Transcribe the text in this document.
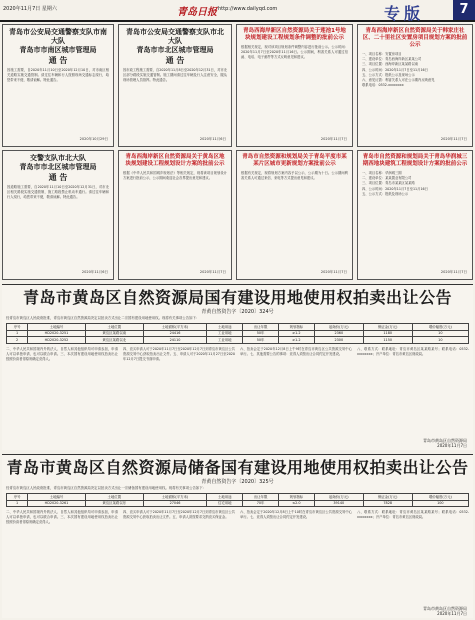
2020年11月7日 星期六	青岛日报 http://www.dailyqd.com	专版	7
青岛市公安局交通警察支队市南大队
青岛市市南区城市管理局
通 告
因施工需要，自2020年11月10日至2020年12月10日，对市南区相关道路实施交通管制。请过往车辆和行人按照现场交通标志绕行，给您带来不便，敬请谅解。特此通告。
2020年10月29日
青岛市公安局交通警察支队市北大队
青岛市市北区城市管理局
通 告
因市政工程施工需要，自2020年11月8日至2020年12月31日，对市北区部分路段实施交通管制。施工期间请过往车辆及行人注意安全，服从现场管理人员指挥。特此通告。
2020年11月6日
青岛西海岸新区自然资源局关于莲池1号地块规划建设工程规划条件调整的批前公示
根据相关规定，现对该项目规划条件调整内容进行批前公示。公示时间：2020年11月7日至2020年11月16日。公示期间，利害关系人可通过信函、电话、电子邮件等方式反映意见和建议。
2020年11月7日
青岛西海岸新区自然资源局关于韩家庄社区、二十里社区安置房项目规划方案的批前公示
一、项目名称：安置房项目
二、建设单位：青岛西海岸新区某某公司
三、项目位置：西海岸新区某某路以南
四、公示时间：2020年11月7日至11月16日
五、公示方式：报纸公示及现场公示
六、意见反馈：利害关系人可在公示期内反映意见
联系电话：0532-xxxxxxxx
2020年11月7日
交警支队市北大队
青岛市市北区城市管理局
通 告
因道路施工需要，自2020年11月10日至2020年12月31日，对市北区相关路段实施交通管制，施工路段禁止机动车通行。请过往车辆和行人绕行，给您带来不便，敬请谅解。特此通告。
2020年11月6日
青岛西海岸新区自然资源局关于黄岛区地块规划建设工程规划设计方案的批前公示
根据《中华人民共和国城乡规划法》等相关规定，现将该项目规划设计方案进行批前公示，公示期间欢迎社会各界提出意见和建议。
2020年11月7日
青岛市自然资源和规划局关于青岛平度市某某片区城市更新规划方案批前公示
根据有关规定，现将规划方案内容予以公示，公示期为十日。公示期间利害关系人可通过来信、来电等方式提出意见和建议。
2020年11月7日
青岛市自然资源和规划局关于青岛华润城三期西地块建筑工程规划设计方案的批前公示
一、项目名称：华润城三期
二、建设单位：某某置业有限公司
三、项目位置：青岛市某某区某某路
四、公示时间：2020年11月7日至11月16日
五、公示方式：报纸及现场公示
2020年11月7日
青岛市黄岛区自然资源局国有建设用地使用权拍卖出让公告
青黄自然资告字〔2020〕324号
经青岛市黄岛区人民政府批准，青岛市黄岛区自然资源局决定以拍卖方式出让二宗国有建设用地使用权。现将有关事项公告如下：
序号	土地编号	土地位置	土地面积(平方米)	土地用途	出让年限	规划指标	起始价(万元)	保证金(万元)	增价幅度(万元)
1	HD2020-3251	黄岛区某路以南	24416	工业用地	50年	≥1.2	2360	1180	10
2	HD2020-3252	黄岛区某路以北	24110	工业用地	50年	≥1.2	2300	1150	10
二、中华人民共和国境内外的法人、自然人和其他组织均可申请参加，申请人可以单独申请，也可以联合申请。三、本次国有建设用地使用权拍卖出让按照价高者得原则确定竞得人。
四、竞买申请人可于2020年11月7日至2020年12月7日到青岛市黄岛区公共资源交易中心获取拍卖出让文件。五、申请人可于2020年11月27日至2020年12月7日提交书面申请。
六、拍卖会定于2020年12月8日上午9时在青岛市黄岛区公共资源交易中心举行。七、其他需要公告的事项：竞得人须按出让合同约定开发建设。
八、联系方式：联系地址：青岛市黄岛区某某路某号；联系电话：0532-xxxxxxxx；开户单位：青岛市黄岛区财政局。
青岛市黄岛区自然资源局
2020年11月7日
青岛市黄岛区自然资源局储备国有建设用地使用权拍卖出让公告
青黄自然资告字〔2020〕325号
经青岛市黄岛区人民政府批准，青岛市黄岛区自然资源局决定以拍卖方式出让一宗储备国有建设用地使用权。现将有关事项公告如下：
序号	土地编号	土地位置	土地面积(平方米)	土地用途	出让年限	规划指标	起始价(万元)	保证金(万元)	增价幅度(万元)
1	HD2020-3261	黄岛区某路以东	27046	住宅用地	70年	≤2.0	39140	7828	100
二、中华人民共和国境内外的法人、自然人和其他组织均可申请参加，申请人可以单独申请，也可以联合申请。三、本次国有建设用地使用权拍卖出让按照价高者得原则确定竞得人。
四、竞买申请人可于2020年11月7日至2020年12月7日到青岛市黄岛区公共资源交易中心获取拍卖出让文件。五、申请人须按要求交纳竞买保证金。
六、拍卖会定于2020年12月8日上午10时在青岛市黄岛区公共资源交易中心举行。七、竞得人须按出让合同约定开发建设。
八、联系方式：联系地址：青岛市黄岛区某某路某号；联系电话：0532-xxxxxxxx；开户单位：青岛市黄岛区财政局。
青岛市黄岛区自然资源局
2020年11月7日
